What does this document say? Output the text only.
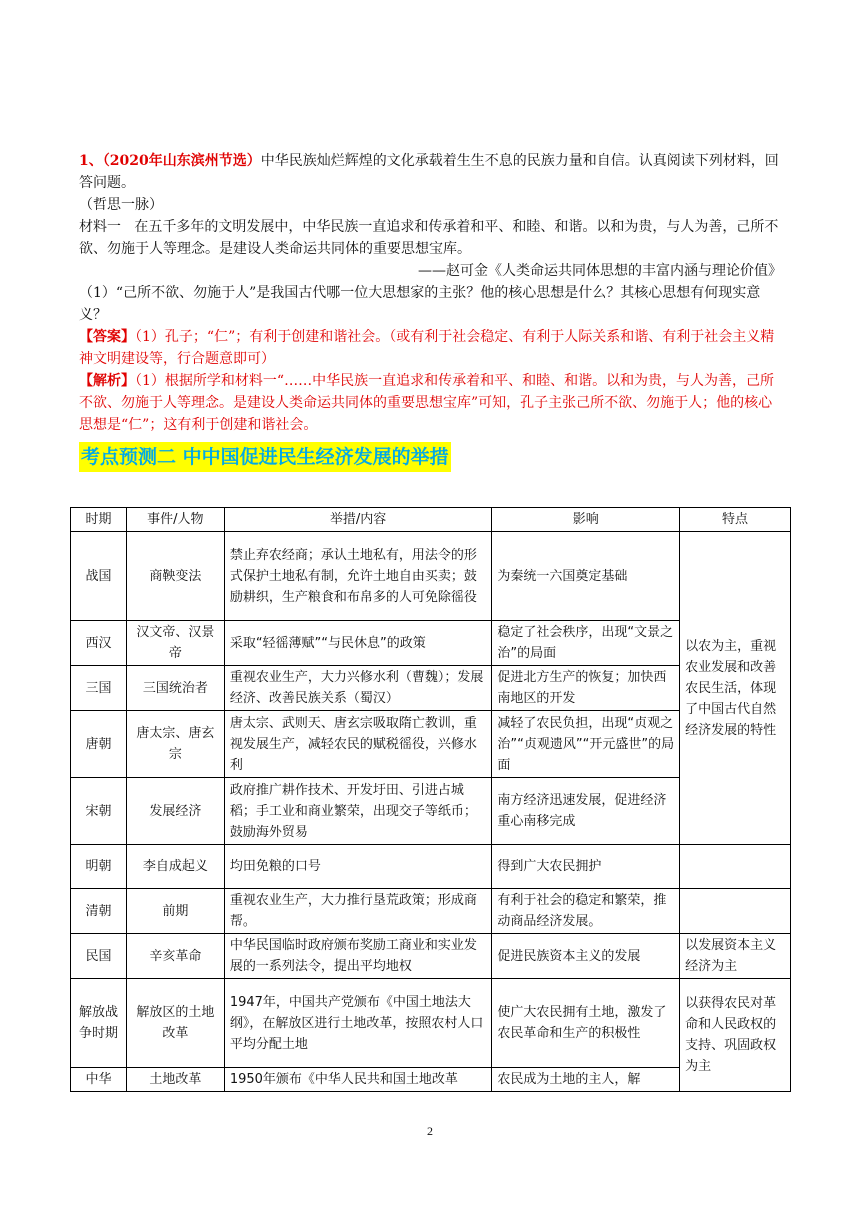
1、（2020年山东滨州节选）中华民族灿烂辉煌的文化承载着生生不息的民族力量和自信。认真阅读下列材料，回答问题。

（哲思一脉）

材料一 在五千多年的文明发展中，中华民族一直追求和传承着和平、和睦、和谐。以和为贵，与人为善，己所不欲、勿施于人等理念。是建设人类命运共同体的重要思想宝库。

——赵可金《人类命运共同体思想的丰富内涵与理论价值》

（1）“己所不欲、勿施于人”是我国古代哪一位大思想家的主张？他的核心思想是什么？其核心思想有何现实意义？

【答案】（1）孔子；“仁”；有利于创建和谐社会。（或有利于社会稳定、有利于人际关系和谐、有利于社会主义精神文明建设等，行合题意即可）

【解析】（1）根据所学和材料一“……中华民族一直追求和传承着和平、和睦、和谐。以和为贵，与人为善，己所不欲、勿施于人等理念。是建设人类命运共同体的重要思想宝库”可知，孔子主张己所不欲、勿施于人；他的核心思想是“仁”；这有利于创建和谐社会。

考点预测二 中中国促进民生经济发展的举措
时期	事件/人物	举措/内容	影响	特点
战国	商鞅变法	禁止弃农经商；承认土地私有，用法令的形式保护土地私有制，允许土地自由买卖；鼓励耕织，生产粮食和布帛多的人可免除徭役	为秦统一六国奠定基础	以农为主，重视农业发展和改善农民生活，体现了中国古代自然经济发展的特性
西汉	汉文帝、汉景帝	采取“轻徭薄赋”“与民休息”的政策	稳定了社会秩序，出现“文景之治”的局面	
三国	三国统治者	重视农业生产，大力兴修水利（曹魏）；发展经济、改善民族关系（蜀汉）	促进北方生产的恢复；加快西南地区的开发	
唐朝	唐太宗、唐玄宗	唐太宗、武则天、唐玄宗吸取隋亡教训，重视发展生产，减轻农民的赋税徭役，兴修水利	减轻了农民负担，出现“贞观之治”“贞观遗风”“开元盛世”的局面	
宋朝	发展经济	政府推广耕作技术、开发圩田、引进占城稻；手工业和商业繁荣，出现交子等纸币；鼓励海外贸易	南方经济迅速发展，促进经济重心南移完成	
明朝	李自成起义	均田免粮的口号	得到广大农民拥护	
清朝	前期	重视农业生产，大力推行垦荒政策；形成商帮。	有利于社会的稳定和繁荣，推动商品经济发展。	
民国	辛亥革命	中华民国临时政府颁布奖励工商业和实业发展的一系列法令，提出平均地权	促进民族资本主义的发展	以发展资本主义经济为主
解放战争时期	解放区的土地改革	1947年，中国共产党颁布《中国土地法大纲》，在解放区进行土地改革，按照农村人口平均分配土地	使广大农民拥有土地，激发了农民革命和生产的积极性	以获得农民对革命和人民政权的支持、巩固政权为主
中华	土地改革	1950年颁布《中华人民共和国土地改革	农民成为土地的主人，解	
2
